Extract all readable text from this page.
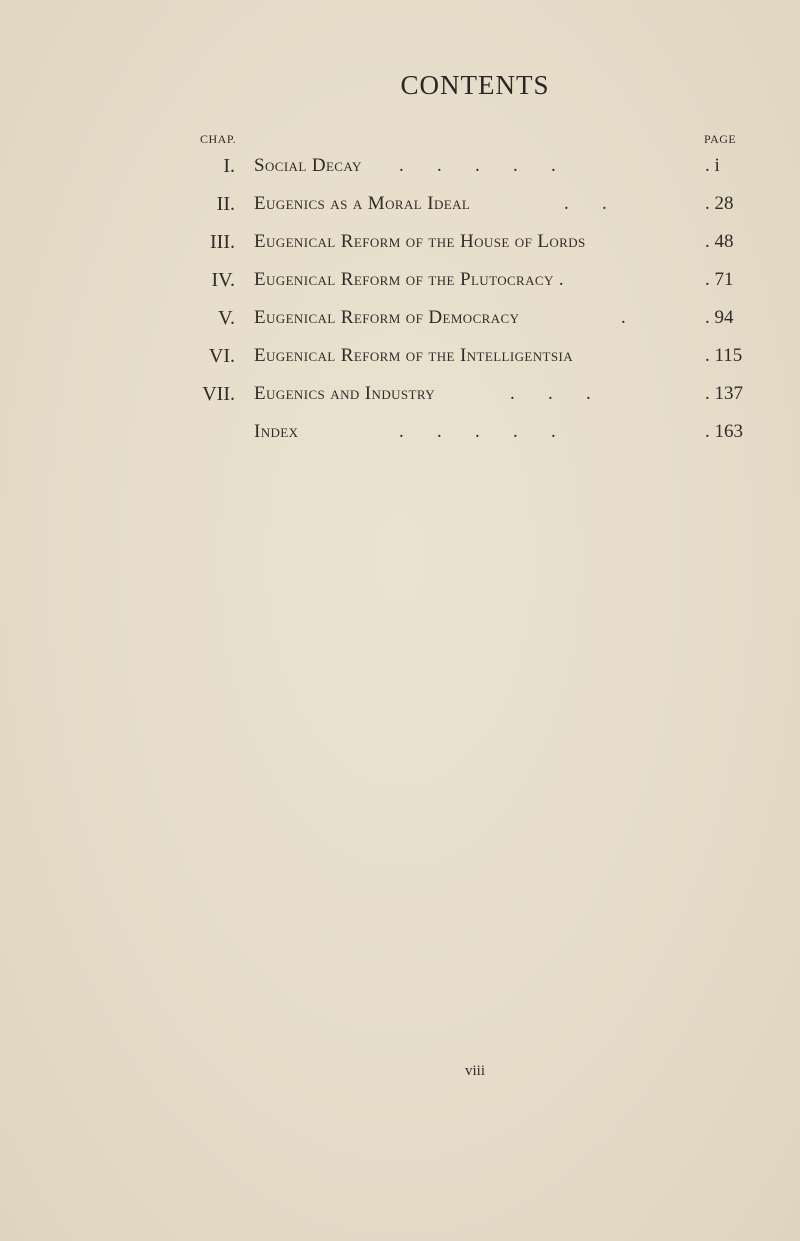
CONTENTS
CHAP.	PAGE
I. Social Decay .       .       .       .       .	. i
II. Eugenics as a Moral Ideal	.       .	. 28
III. Eugenical Reform of the House of Lords	. 48
IV. Eugenical Reform of the Plutocracy .	. 71
V. Eugenical Reform of Democracy	.	. 94
VI. Eugenical Reform of the Intelligentsia	. 115
VII. Eugenics and Industry	.       .       .	. 137
Index	.       .       .       .       .	. 163
viii
